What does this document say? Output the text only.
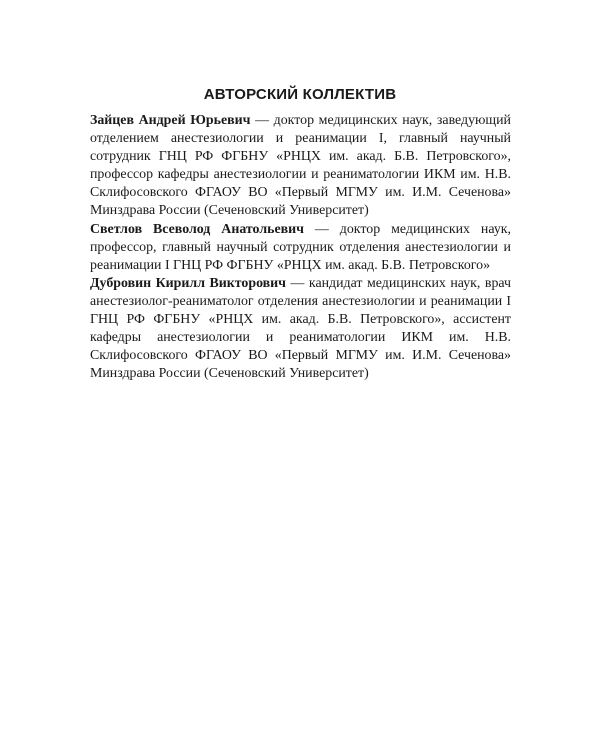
АВТОРСКИЙ КОЛЛЕКТИВ

Зайцев Андрей Юрьевич — доктор медицинских наук, заведующий отделением анестезиологии и реанимации I, главный научный сотрудник ГНЦ РФ ФГБНУ «РНЦХ им. акад. Б.В. Петровского», профессор кафедры анестезиологии и реаниматологии ИКМ им. Н.В. Склифосовского ФГАОУ ВО «Первый МГМУ им. И.М. Сеченова» Минздрава России (Сеченовский Университет)

Светлов Всеволод Анатольевич — доктор медицинских наук, профессор, главный научный сотрудник отделения анестезиологии и реанимации I ГНЦ РФ ФГБНУ «РНЦХ им. акад. Б.В. Петровского»

Дубровин Кирилл Викторович — кандидат медицинских наук, врач анестезиолог-реаниматолог отделения анестезиологии и реанимации I ГНЦ РФ ФГБНУ «РНЦХ им. акад. Б.В. Петровского», ассистент кафедры анестезиологии и реаниматологии ИКМ им. Н.В. Склифосовского ФГАОУ ВО «Первый МГМУ им. И.М. Сеченова» Минздрава России (Сеченовский Университет)
